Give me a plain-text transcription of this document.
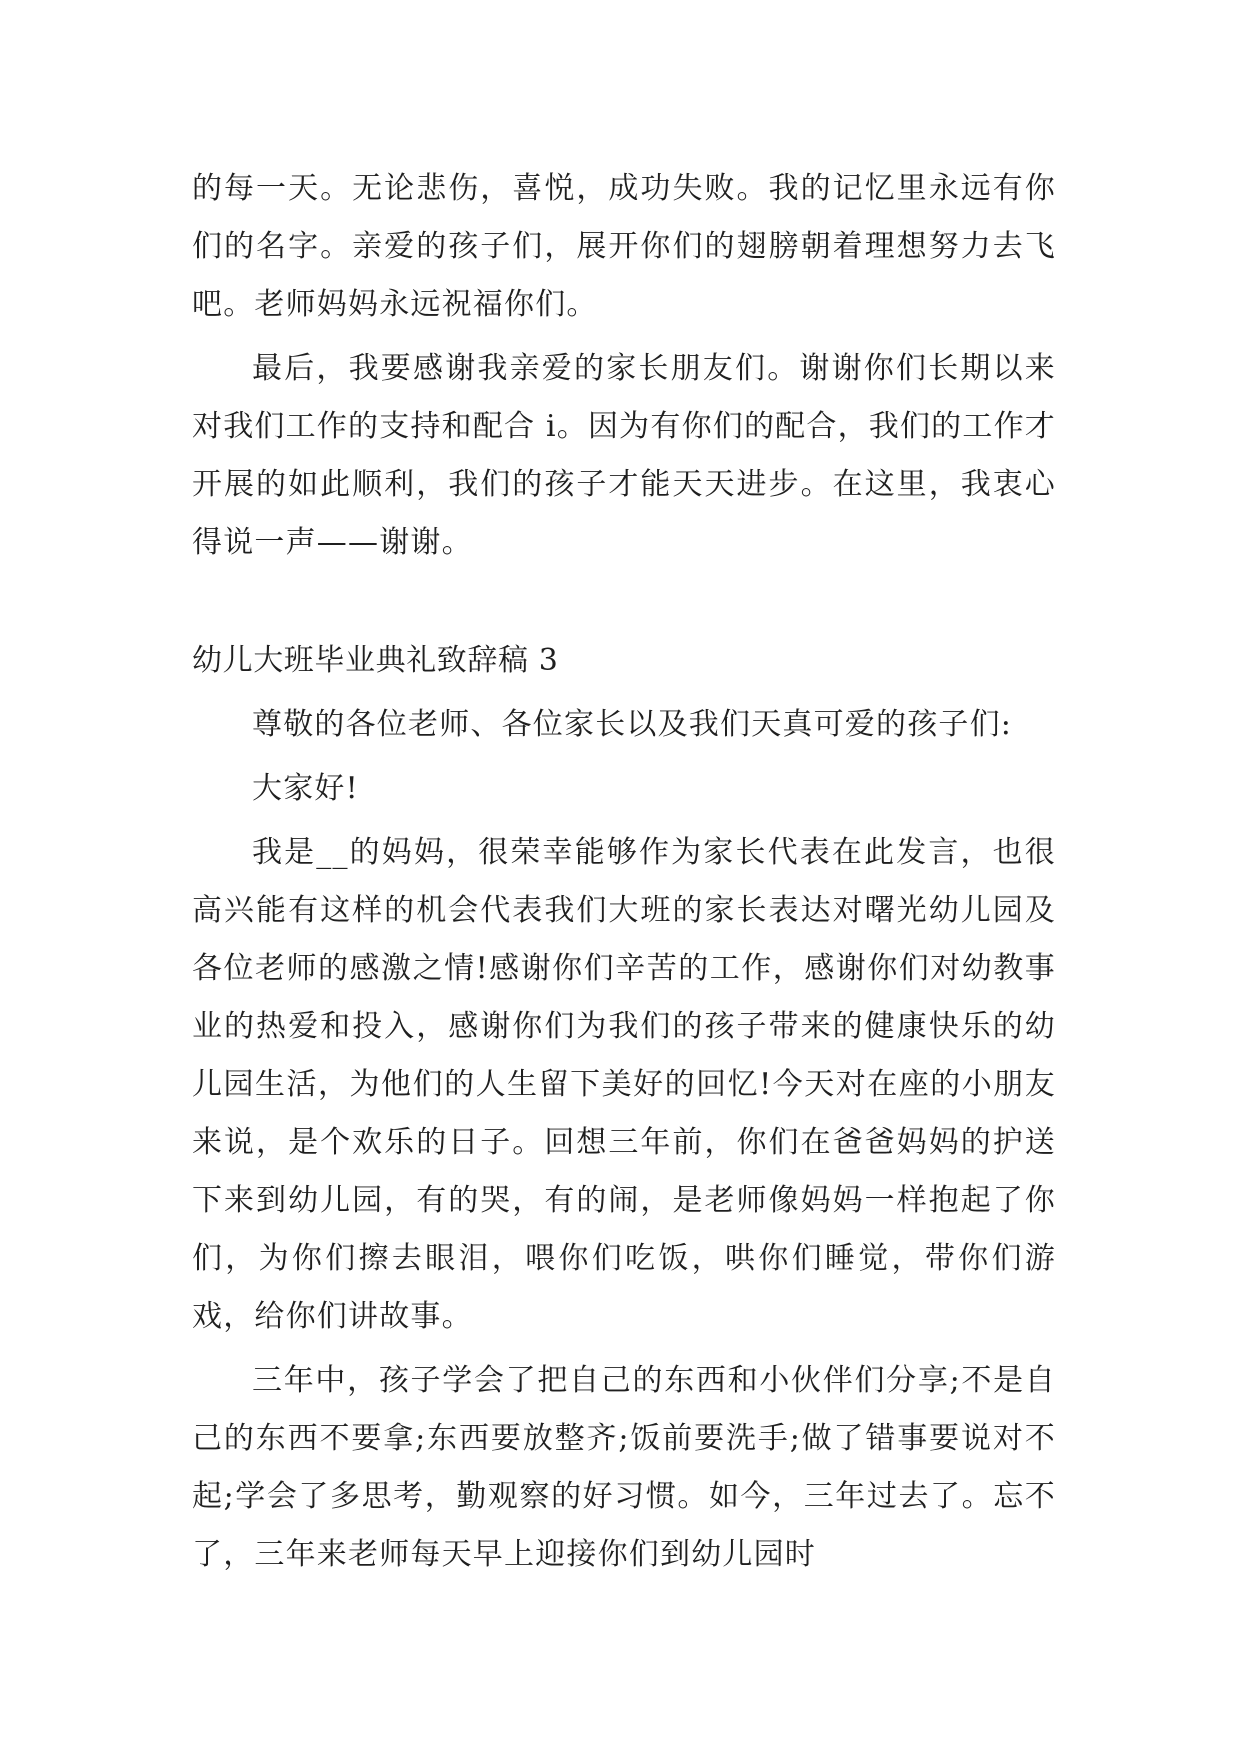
的每一天。无论悲伤，喜悦，成功失败。我的记忆里永远有你们的名字。亲爱的孩子们，展开你们的翅膀朝着理想努力去飞吧。老师妈妈永远祝福你们。

最后，我要感谢我亲爱的家长朋友们。谢谢你们长期以来对我们工作的支持和配合 i。因为有你们的配合，我们的工作才开展的如此顺利，我们的孩子才能天天进步。在这里，我衷心得说一声——谢谢。

幼儿大班毕业典礼致辞稿 3

尊敬的各位老师、各位家长以及我们天真可爱的孩子们:

大家好!

我是__的妈妈，很荣幸能够作为家长代表在此发言，也很高兴能有这样的机会代表我们大班的家长表达对曙光幼儿园及各位老师的感激之情!感谢你们辛苦的工作，感谢你们对幼教事业的热爱和投入，感谢你们为我们的孩子带来的健康快乐的幼儿园生活，为他们的人生留下美好的回忆!今天对在座的小朋友来说，是个欢乐的日子。回想三年前，你们在爸爸妈妈的护送下来到幼儿园，有的哭，有的闹，是老师像妈妈一样抱起了你们，为你们擦去眼泪，喂你们吃饭，哄你们睡觉，带你们游戏，给你们讲故事。

三年中，孩子学会了把自己的东西和小伙伴们分享;不是自己的东西不要拿;东西要放整齐;饭前要洗手;做了错事要说对不起;学会了多思考，勤观察的好习惯。如今，三年过去了。忘不了，三年来老师每天早上迎接你们到幼儿园时
